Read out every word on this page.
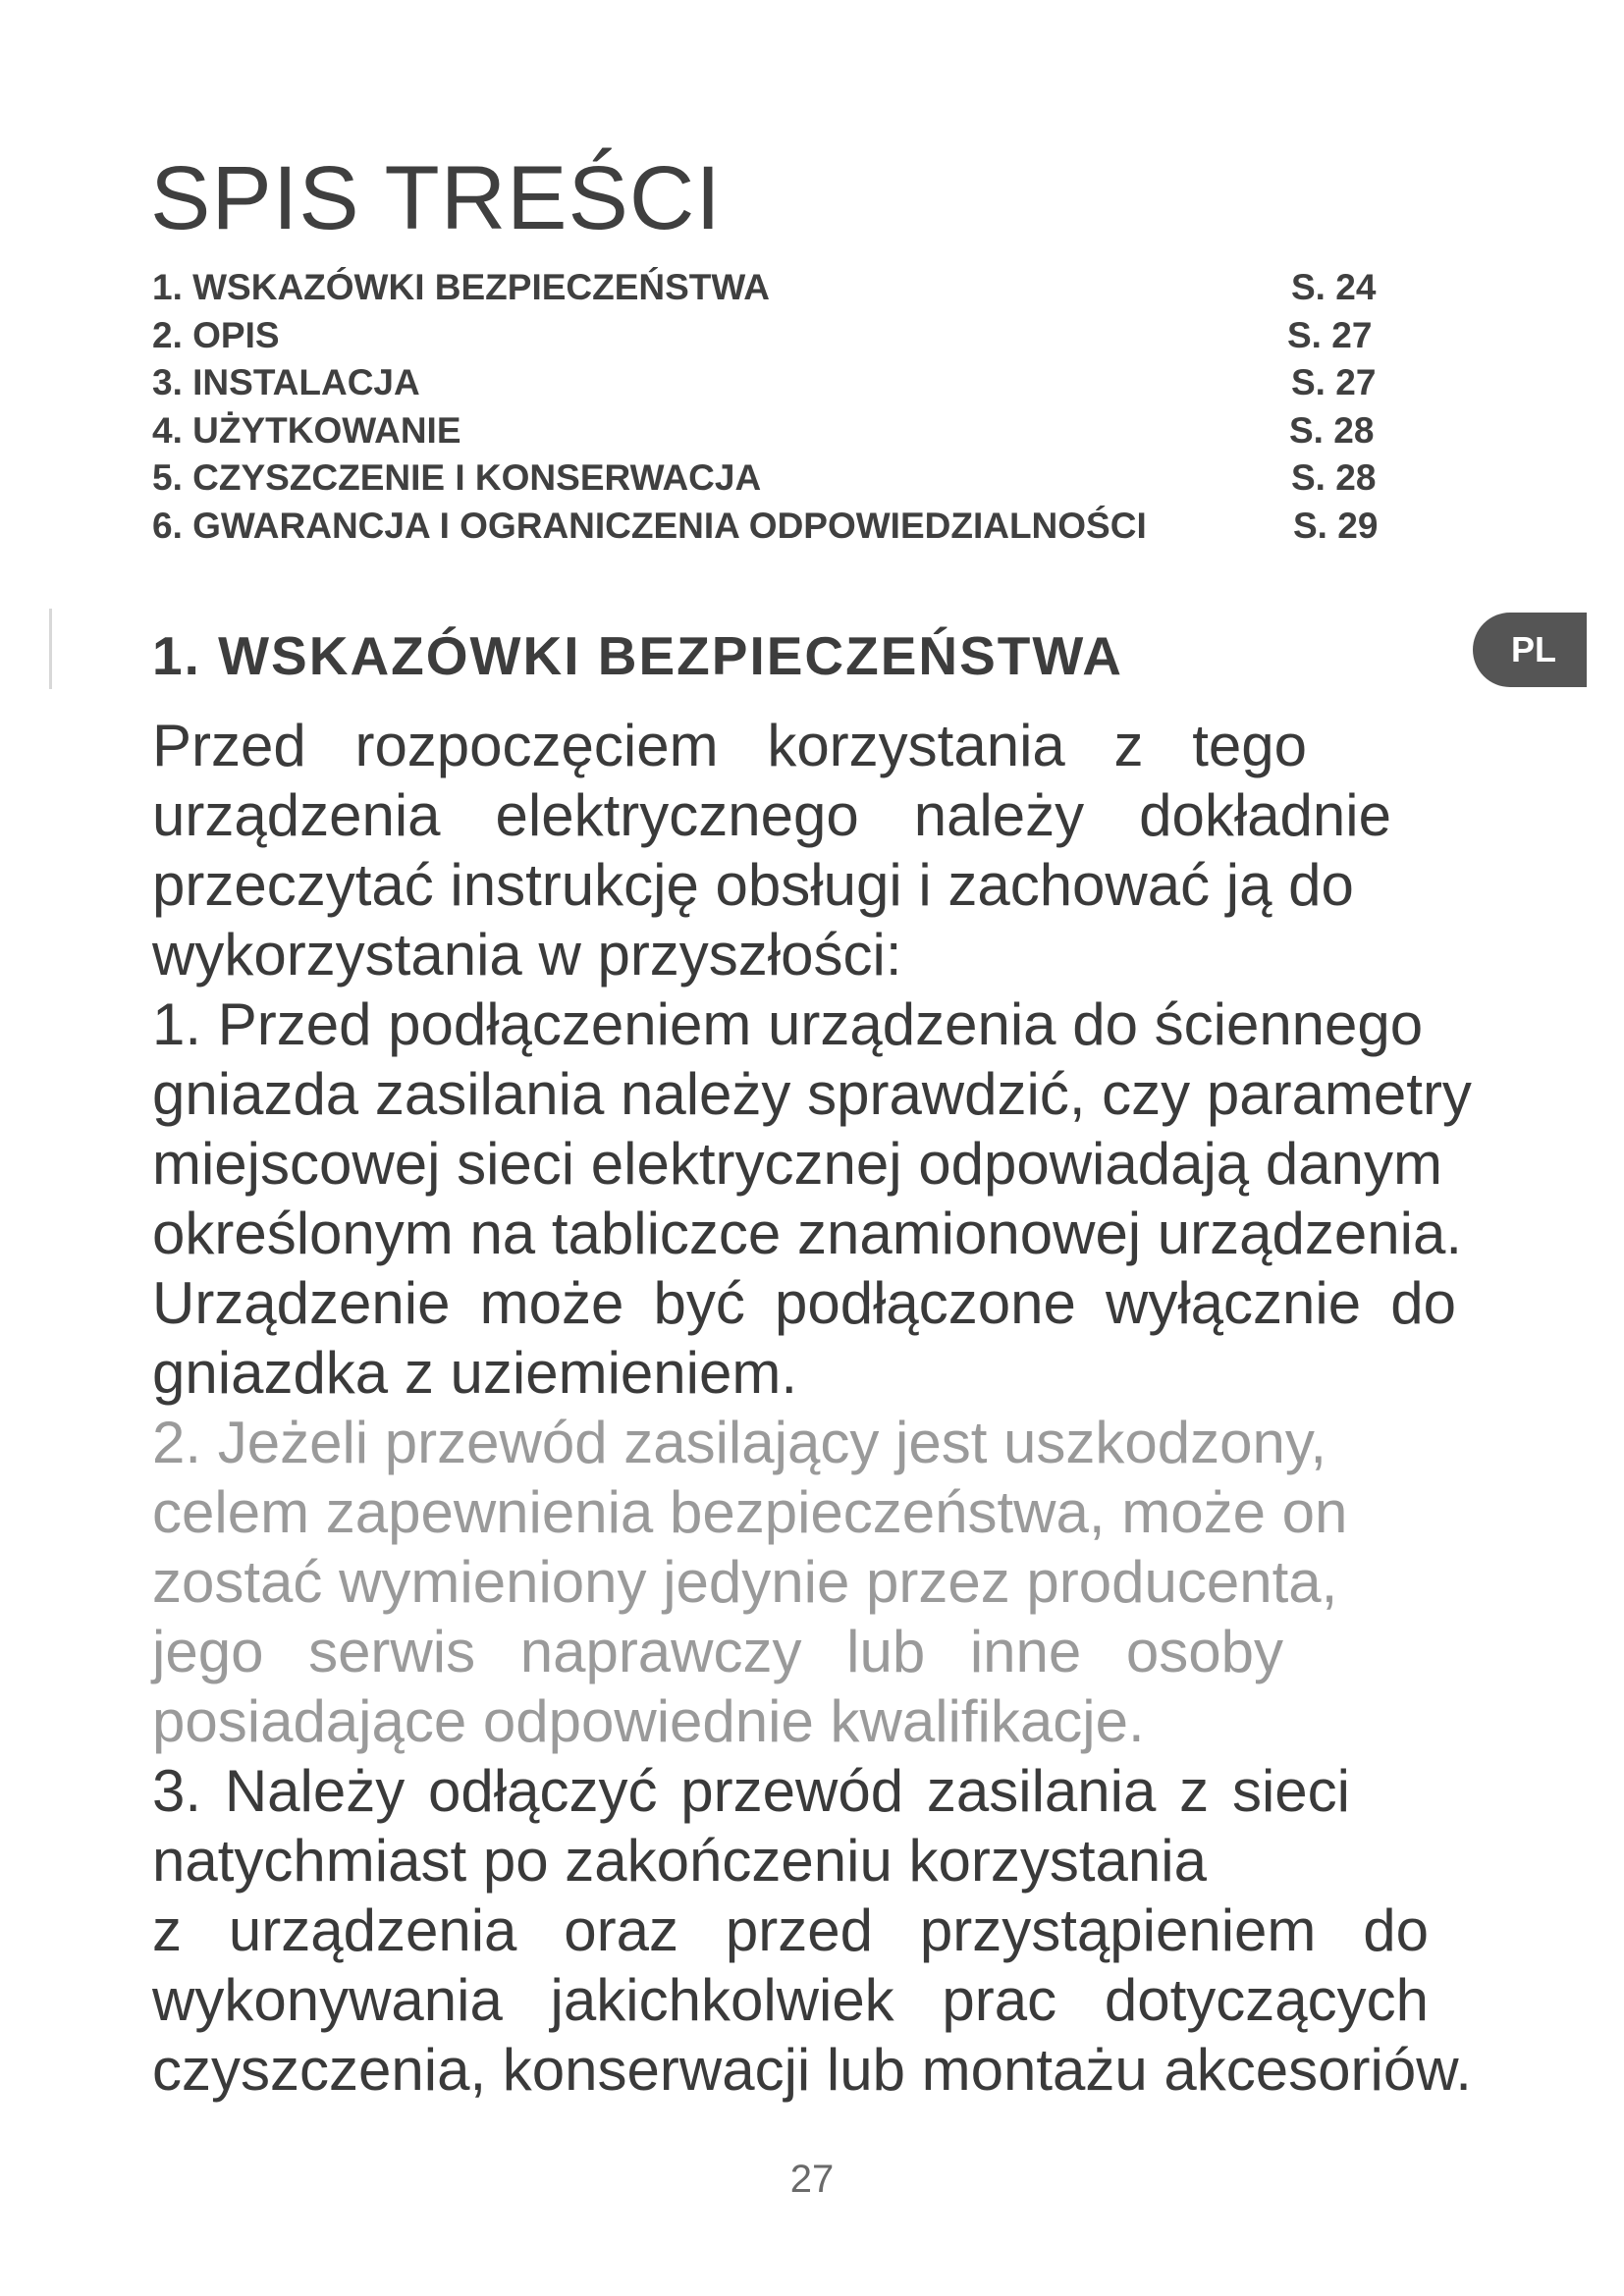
SPIS TREŚCI
1. WSKAZÓWKI BEZPIECZEŃSTWA	S. 24
2. OPIS	S. 27
3. INSTALACJA	S. 27
4. UŻYTKOWANIE	S. 28
5. CZYSZCZENIE I KONSERWACJA	S. 28
6. GWARANCJA I OGRANICZENIA ODPOWIEDZIALNOŚCI	S. 29
1. WSKAZÓWKI BEZPIECZEŃSTWA	PL
Przed rozpoczęciem korzystania z tego
urządzenia elektrycznego należy dokładnie
przeczytać instrukcję obsługi i zachować ją do
wykorzystania w przyszłości:
1. Przed podłączeniem urządzenia do ściennego
gniazda zasilania należy sprawdzić, czy parametry
miejscowej sieci elektrycznej odpowiadają danym
określonym na tabliczce znamionowej urządzenia.
Urządzenie może być podłączone wyłącznie do
gniazdka z uziemieniem.
2. Jeżeli przewód zasilający jest uszkodzony,
celem zapewnienia bezpieczeństwa, może on
zostać wymieniony jedynie przez producenta,
jego serwis naprawczy lub inne osoby
posiadające odpowiednie kwalifikacje.
3. Należy odłączyć przewód zasilania z sieci
natychmiast po zakończeniu korzystania
z urządzenia oraz przed przystąpieniem do
wykonywania jakichkolwiek prac dotyczących
czyszczenia, konserwacji lub montażu akcesoriów.
27
